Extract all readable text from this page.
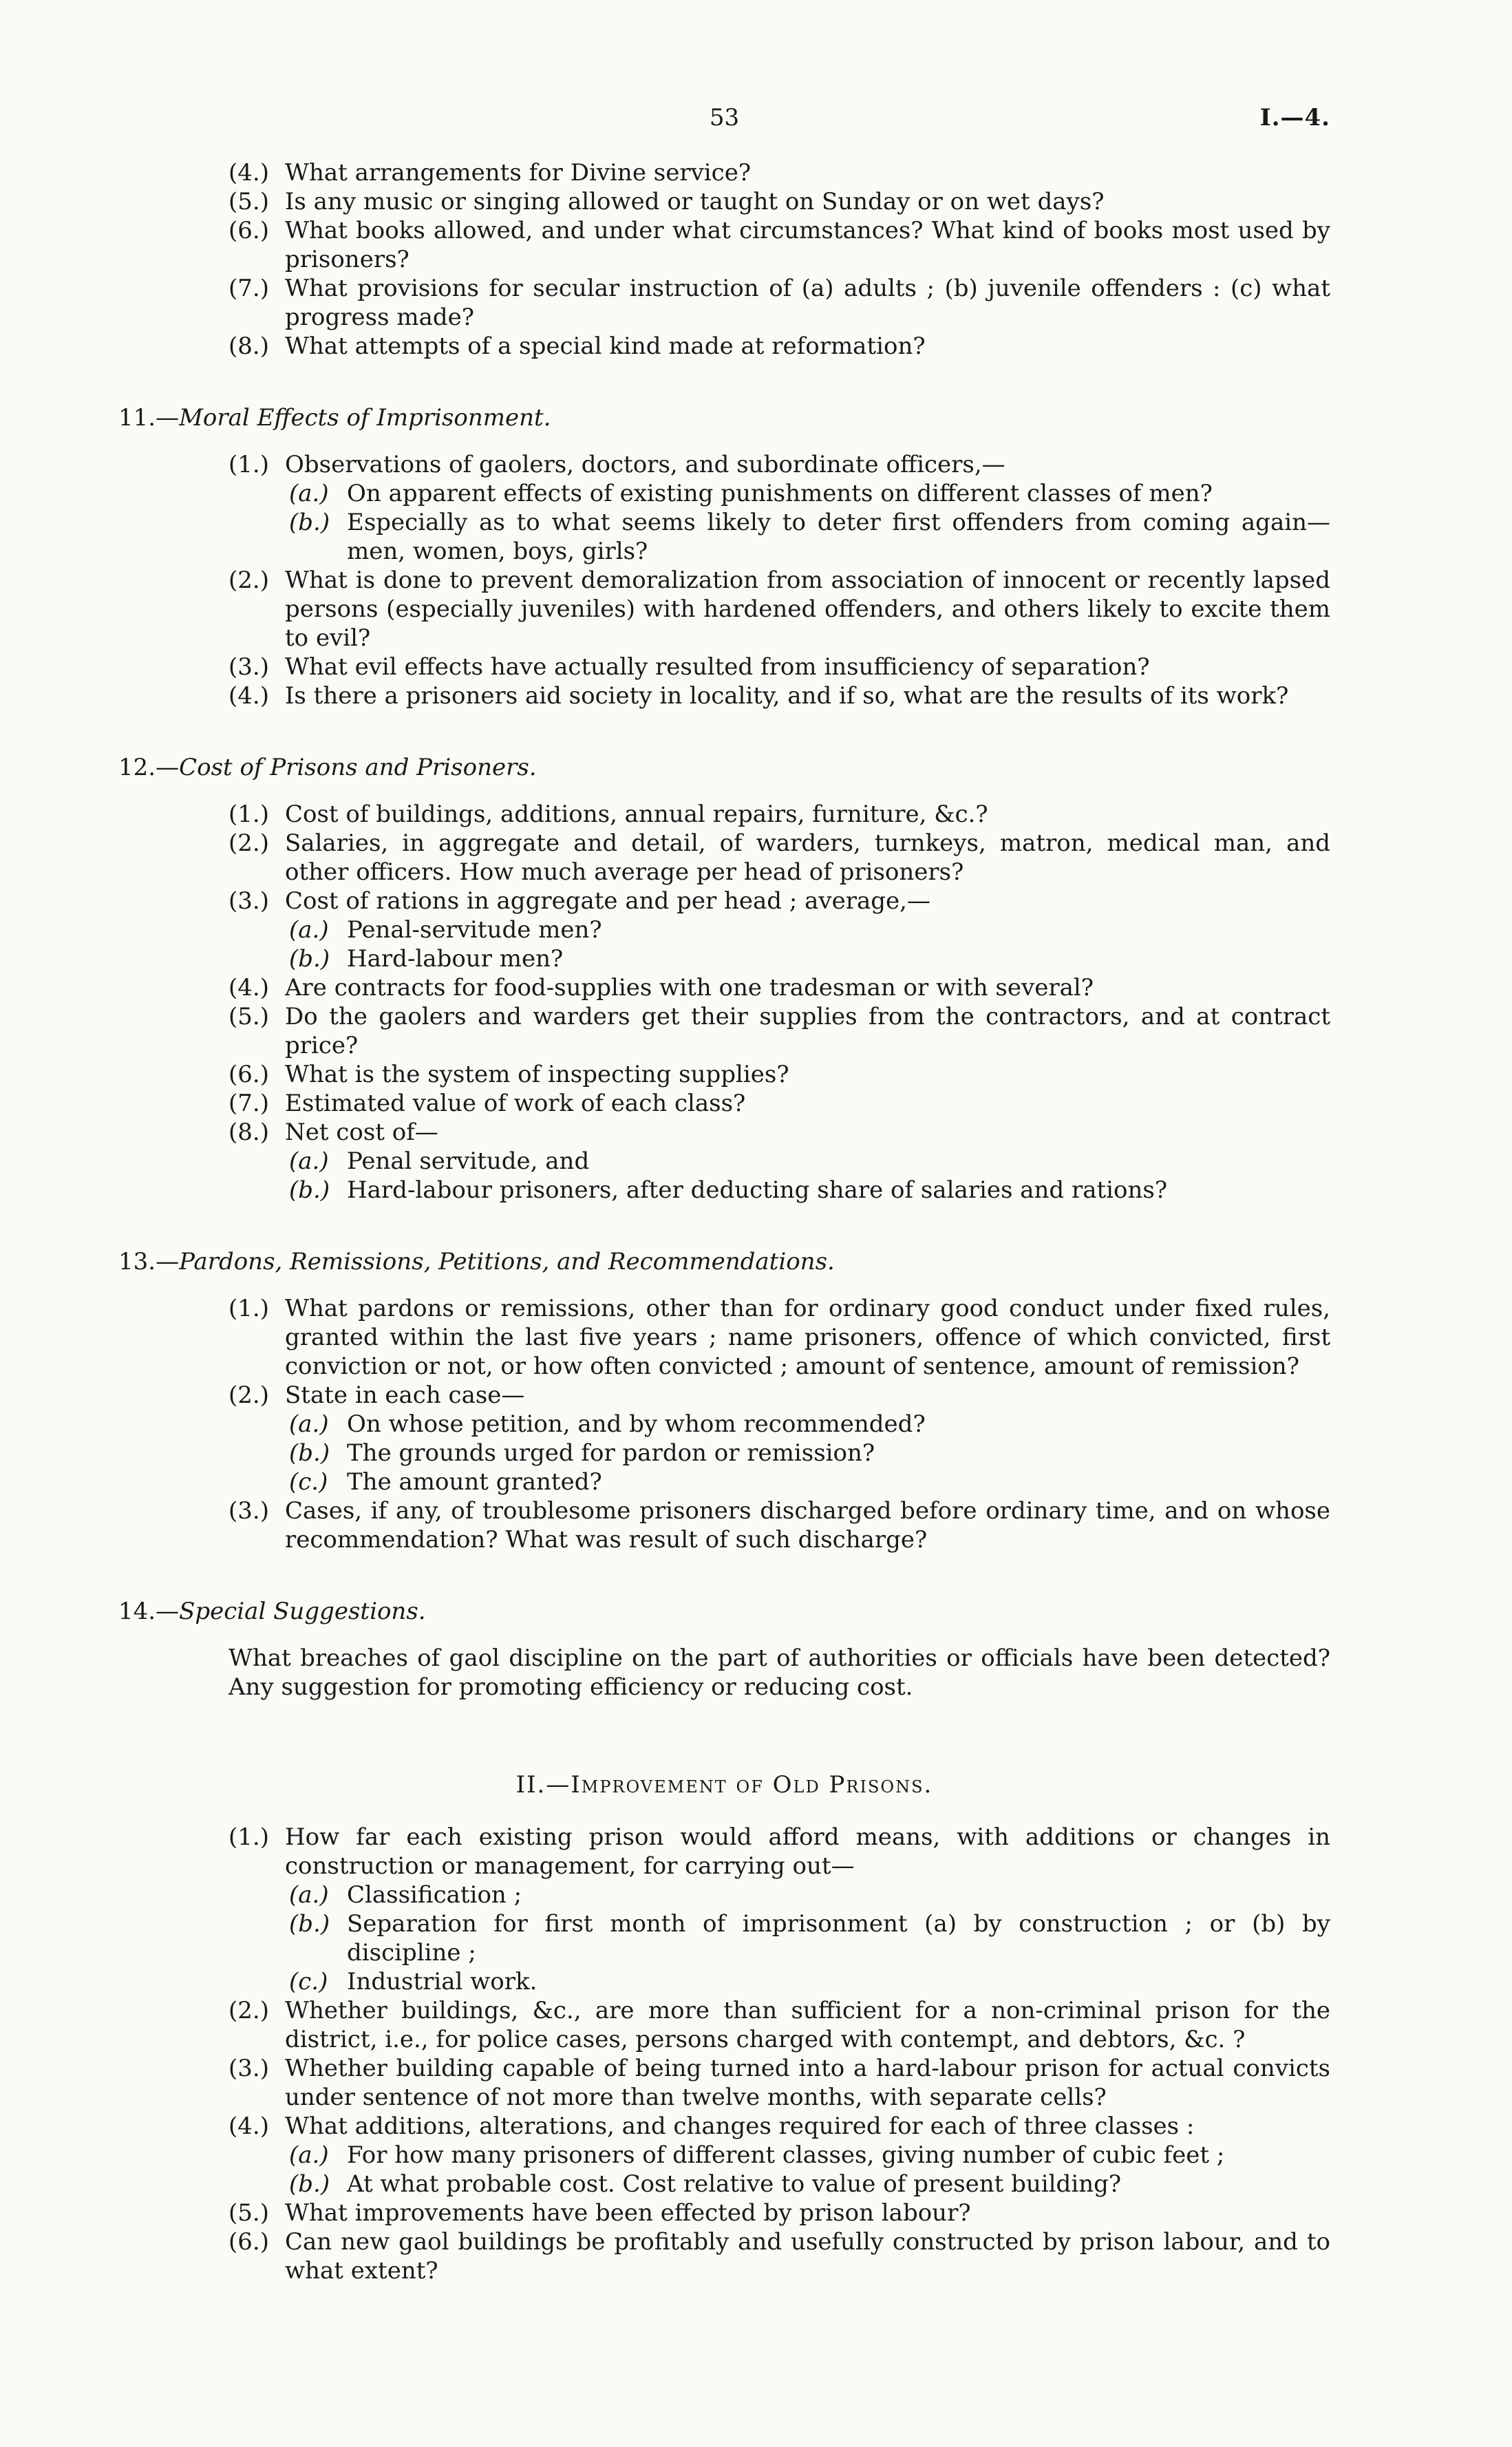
53	I.—4.
(4.) What arrangements for Divine service?
(5.) Is any music or singing allowed or taught on Sunday or on wet days?
(6.) What books allowed, and under what circumstances? What kind of books most used by prisoners?
(7.) What provisions for secular instruction of (a) adults ; (b) juvenile offenders : (c) what progress made?
(8.) What attempts of a special kind made at reformation?
11.—Moral Effects of Imprisonment.
(1.) Observations of gaolers, doctors, and subordinate officers,—
(a.) On apparent effects of existing punishments on different classes of men?
(b.) Especially as to what seems likely to deter first offenders from coming again—men, women, boys, girls?
(2.) What is done to prevent demoralization from association of innocent or recently lapsed persons (especially juveniles) with hardened offenders, and others likely to excite them to evil?
(3.) What evil effects have actually resulted from insufficiency of separation?
(4.) Is there a prisoners aid society in locality, and if so, what are the results of its work?
12.—Cost of Prisons and Prisoners.
(1.) Cost of buildings, additions, annual repairs, furniture, &c.?
(2.) Salaries, in aggregate and detail, of warders, turnkeys, matron, medical man, and other officers. How much average per head of prisoners?
(3.) Cost of rations in aggregate and per head ; average,—
(a.) Penal-servitude men?
(b.) Hard-labour men?
(4.) Are contracts for food-supplies with one tradesman or with several?
(5.) Do the gaolers and warders get their supplies from the contractors, and at contract price?
(6.) What is the system of inspecting supplies?
(7.) Estimated value of work of each class?
(8.) Net cost of—
(a.) Penal servitude, and
(b.) Hard-labour prisoners, after deducting share of salaries and rations?
13.—Pardons, Remissions, Petitions, and Recommendations.
(1.) What pardons or remissions, other than for ordinary good conduct under fixed rules, granted within the last five years ; name prisoners, offence of which convicted, first conviction or not, or how often convicted ; amount of sentence, amount of remission?
(2.) State in each case—
(a.) On whose petition, and by whom recommended?
(b.) The grounds urged for pardon or remission?
(c.) The amount granted?
(3.) Cases, if any, of troublesome prisoners discharged before ordinary time, and on whose recommendation? What was result of such discharge?
14.—Special Suggestions.
What breaches of gaol discipline on the part of authorities or officials have been detected? Any suggestion for promoting efficiency or reducing cost.
II.—Improvement of Old Prisons.
(1.) How far each existing prison would afford means, with additions or changes in construction or management, for carrying out—
(a.) Classification ;
(b.) Separation for first month of imprisonment (a) by construction ; or (b) by discipline ;
(c.) Industrial work.
(2.) Whether buildings, &c., are more than sufficient for a non-criminal prison for the district, i.e., for police cases, persons charged with contempt, and debtors, &c. ?
(3.) Whether building capable of being turned into a hard-labour prison for actual convicts under sentence of not more than twelve months, with separate cells?
(4.) What additions, alterations, and changes required for each of three classes :
(a.) For how many prisoners of different classes, giving number of cubic feet ;
(b.) At what probable cost. Cost relative to value of present building?
(5.) What improvements have been effected by prison labour?
(6.) Can new gaol buildings be profitably and usefully constructed by prison labour, and to what extent?
